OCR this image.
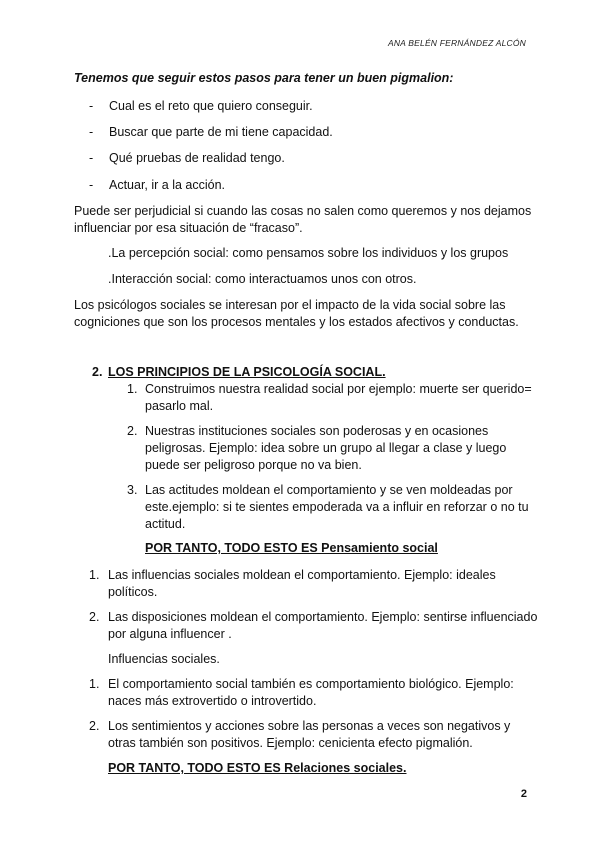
ANA BELÉN FERNÁNDEZ ALCÓN
Tenemos que seguir estos pasos para tener un buen pigmalion:
- Cual es el reto que quiero conseguir.
- Buscar que parte de mi tiene capacidad.
- Qué pruebas de realidad tengo.
- Actuar, ir a la acción.
Puede ser perjudicial si cuando las cosas no salen como queremos y nos dejamos
influenciar por esa situación de “fracaso”.
.La percepción social: como pensamos sobre los individuos y los grupos
.Interacción social: como interactuamos unos con otros.
Los psicólogos sociales se interesan por el impacto de la vida social sobre las
cogniciones que son los procesos mentales y los estados afectivos y conductas.
2. LOS PRINCIPIOS DE LA PSICOLOGÍA SOCIAL.
1. Construimos nuestra realidad social por ejemplo: muerte ser querido=
pasarlo mal.
2. Nuestras instituciones sociales son poderosas y en ocasiones
peligrosas. Ejemplo: idea sobre un grupo al llegar a clase y luego
puede ser peligroso porque no va bien.
3. Las actitudes moldean el comportamiento y se ven moldeadas por
este.ejemplo: si te sientes empoderada va a influir en reforzar o no tu
actitud.
POR TANTO, TODO ESTO ES Pensamiento social
1. Las influencias sociales moldean el comportamiento. Ejemplo: ideales
políticos.
2. Las disposiciones moldean el comportamiento. Ejemplo: sentirse influenciado
por alguna influencer .
Influencias sociales.
1. El comportamiento social también es comportamiento biológico. Ejemplo:
naces más extrovertido o introvertido.
2. Los sentimientos y acciones sobre las personas a veces son negativos y
otras también son positivos. Ejemplo: cenicienta efecto pigmalión.
POR TANTO, TODO ESTO ES Relaciones sociales.
2
